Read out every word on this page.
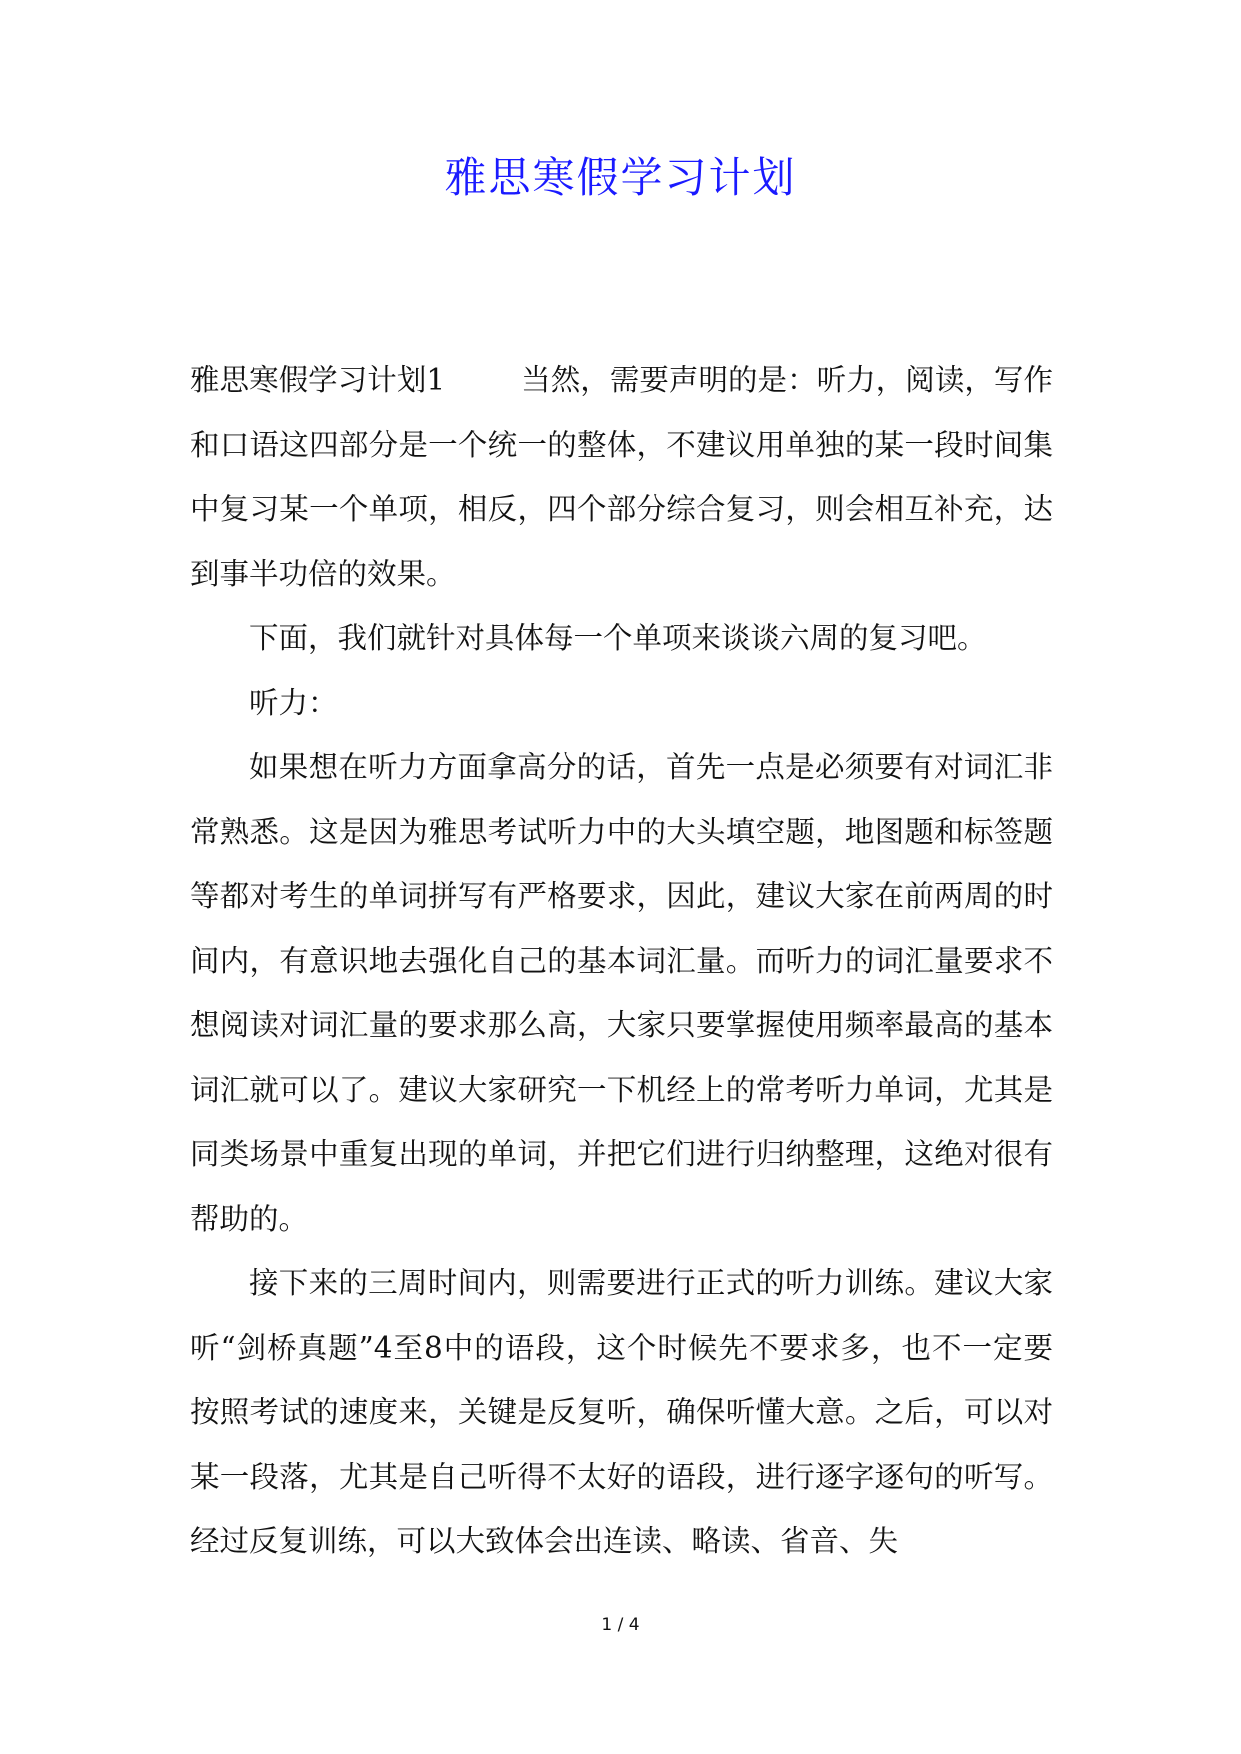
雅思寒假学习计划

雅思寒假学习计划1	当然，需要声明的是：听力，阅读，写作和口语这四部分是一个统一的整体，不建议用单独的某一段时间集中复习某一个单项，相反，四个部分综合复习，则会相互补充，达到事半功倍的效果。

下面，我们就针对具体每一个单项来谈谈六周的复习吧。

听力：

如果想在听力方面拿高分的话，首先一点是必须要有对词汇非常熟悉。这是因为雅思考试听力中的大头填空题，地图题和标签题等都对考生的单词拼写有严格要求，因此，建议大家在前两周的时间内，有意识地去强化自己的基本词汇量。而听力的词汇量要求不想阅读对词汇量的要求那么高，大家只要掌握使用频率最高的基本词汇就可以了。建议大家研究一下机经上的常考听力单词，尤其是同类场景中重复出现的单词，并把它们进行归纳整理，这绝对很有帮助的。

接下来的三周时间内，则需要进行正式的听力训练。建议大家听“剑桥真题”4至8中的语段，这个时候先不要求多，也不一定要按照考试的速度来，关键是反复听，确保听懂大意。之后，可以对某一段落，尤其是自己听得不太好的语段，进行逐字逐句的听写。经过反复训练，可以大致体会出连读、略读、省音、失

1 / 4
